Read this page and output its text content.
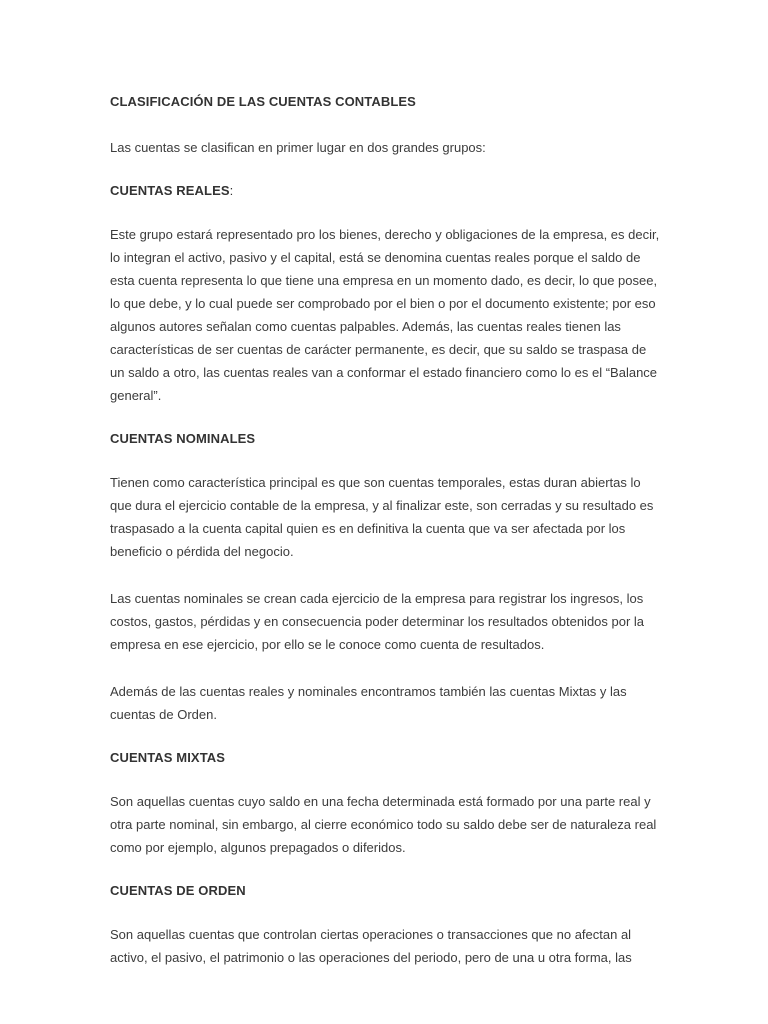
CLASIFICACIÓN DE LAS CUENTAS CONTABLES

Las cuentas se clasifican en primer lugar en dos grandes grupos:

CUENTAS REALES:

Este grupo estará representado pro los bienes, derecho y obligaciones de la empresa, es decir, lo integran el activo, pasivo y el capital, está se denomina cuentas reales porque el saldo de esta cuenta representa lo que tiene una empresa en un momento dado, es decir, lo que posee, lo que debe, y lo cual puede ser comprobado por el bien o por el documento existente; por eso algunos autores señalan como cuentas palpables. Además, las cuentas reales tienen las características de ser cuentas de carácter permanente, es decir, que su saldo se traspasa de un saldo a otro, las cuentas reales van a conformar el estado financiero como lo es el “Balance general”.

CUENTAS NOMINALES

Tienen como característica principal es que son cuentas temporales, estas duran abiertas lo que dura el ejercicio contable de la empresa, y al finalizar este, son cerradas y su resultado es traspasado a la cuenta capital quien es en definitiva la cuenta que va ser afectada por los beneficio o pérdida del negocio.

Las cuentas nominales se crean cada ejercicio de la empresa para registrar los ingresos, los costos, gastos, pérdidas y en consecuencia poder determinar los resultados obtenidos por la empresa en ese ejercicio, por ello se le conoce como cuenta de resultados.

Además de las cuentas reales y nominales encontramos también las cuentas Mixtas y las cuentas de Orden.

CUENTAS MIXTAS

Son aquellas cuentas cuyo saldo en una fecha determinada está formado por una parte real y otra parte nominal, sin embargo, al cierre económico todo su saldo debe ser de naturaleza real como por ejemplo, algunos prepagados o diferidos.

CUENTAS DE ORDEN

Son aquellas cuentas que controlan ciertas operaciones o transacciones que no afectan al activo, el pasivo, el patrimonio o las operaciones del periodo, pero de una u otra forma, las
